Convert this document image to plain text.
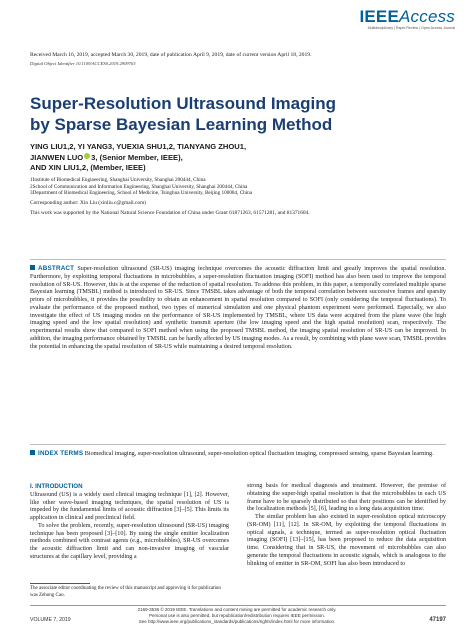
IEEEAccess
Multidisciplinary | Rapid Review | Open Access Journal
Received March 16, 2019, accepted March 30, 2019, date of publication April 9, 2019, date of current version April 18, 2019.
Digital Object Identifier 10.1109/ACCESS.2019.2909763
Super-Resolution Ultrasound Imaging
by Sparse Bayesian Learning Method
YING LIU1,2, YI YANG3, YUEXIA SHU1,2, TIANYANG ZHOU1,
JIANWEN LUO 3, (Senior Member, IEEE),
AND XIN LIU1,2, (Member, IEEE)
1Institute of Biomedical Engineering, Shanghai University, Shanghai 200444, China
2School of Communication and Information Engineering, Shanghai University, Shanghai 200444, China
3Department of Biomedical Engineering, School of Medicine, Tsinghua University, Beijing 100084, China
Corresponding author: Xin Liu (xinliu.c@gmail.com)
This work was supported by the National Natural Science Foundation of China under Grant 61871263, 61571281, and 81371604.

ABSTRACT Super-resolution ultrasound (SR-US) imaging technique overcomes the acoustic diffraction limit and greatly improves the spatial resolution. Furthermore, by exploiting temporal fluctuations in microbubbles, a super-resolution fluctuation imaging (SOFI) method has also been used to improve the temporal resolution of SR-US. However, this is at the expense of the reduction of spatial resolution. To address this problem, in this paper, a temporally correlated multiple sparse Bayesian learning (TMSBL) method is introduced to SR-US. Since TMSBL takes advantage of both the temporal correlation between successive frames and sparsity priors of microbubbles, it provides the possibility to obtain an enhancement in spatial resolution compared to SOFI (only considering the temporal fluctuations). To evaluate the performance of the proposed method, two types of numerical simulation and one physical phantom experiment were performed. Especially, we also investigate the effect of US imaging modes on the performance of SR-US implemented by TMSBL, where US data were acquired from the plane wave (the high imaging speed and the low spatial resolution) and synthetic transmit aperture (the low imaging speed and the high spatial resolution) scan, respectively. The experimental results show that compared to SOFI method when using the proposed TMSBL method, the imaging spatial resolution of SR-US can be improved. In addition, the imaging performance obtained by TMSBL can be hardly affected by US imaging modes. As a result, by combining with plane wave scan, TMSBL provides the potential in enhancing the spatial resolution of SR-US while maintaining a desired temporal resolution.

INDEX TERMS Biomedical imaging, super-resolution ultrasound, super-resolution optical fluctuation imaging, compressed sensing, sparse Bayesian learning.

I. INTRODUCTION

Ultrasound (US) is a widely used clinical imaging technique [1], [2]. However, like other wave-based imaging techniques, the spatial resolution of US is impeded by the fundamental limits of acoustic diffraction [3]–[5]. This limits its application in clinical and preclinical field.

To solve the problem, recently, super-resolution ultrasound (SR-US) imaging technique has been proposed [3]–[10]. By using the single emitter localization methods combined with contrast agents (e.g., microbubbles), SR-US overcomes the acoustic diffraction limit and can non-invasive imaging of vascular structures at the capillary level, providing a

strong basis for medical diagnosis and treatment. However, the premise of obtaining the super-high spatial resolution is that the microbubbles in each US frame have to be sparsely distributed so that their positions can be identified by the localization methods [5], [6], leading to a long data acquisition time.

The similar problem has also existed in super-resolution optical microscopy (SR-OM) [11], [12]. In SR-OM, by exploiting the temporal fluctuations in optical signals, a technique, termed as super-resolution optical fluctuation imaging (SOFI) [13]–[15], has been proposed to reduce the data acquisition time. Considering that in SR-US, the movement of microbubbles can also generate the temporal fluctuations in acoustic signals, which is analogous to the blinking of emitter in SR-OM, SOFI has also been introduced to

The associate editor coordinating the review of this manuscript and approving it for publication was Zehong Cao.
2169-3536 © 2019 IEEE. Translations and content mining are permitted for academic research only.
Personal use is also permitted, but republication/redistribution requires IEEE permission.
See http://www.ieee.org/publications_standards/publications/rights/index.html for more information.
VOLUME 7, 2019	47197
